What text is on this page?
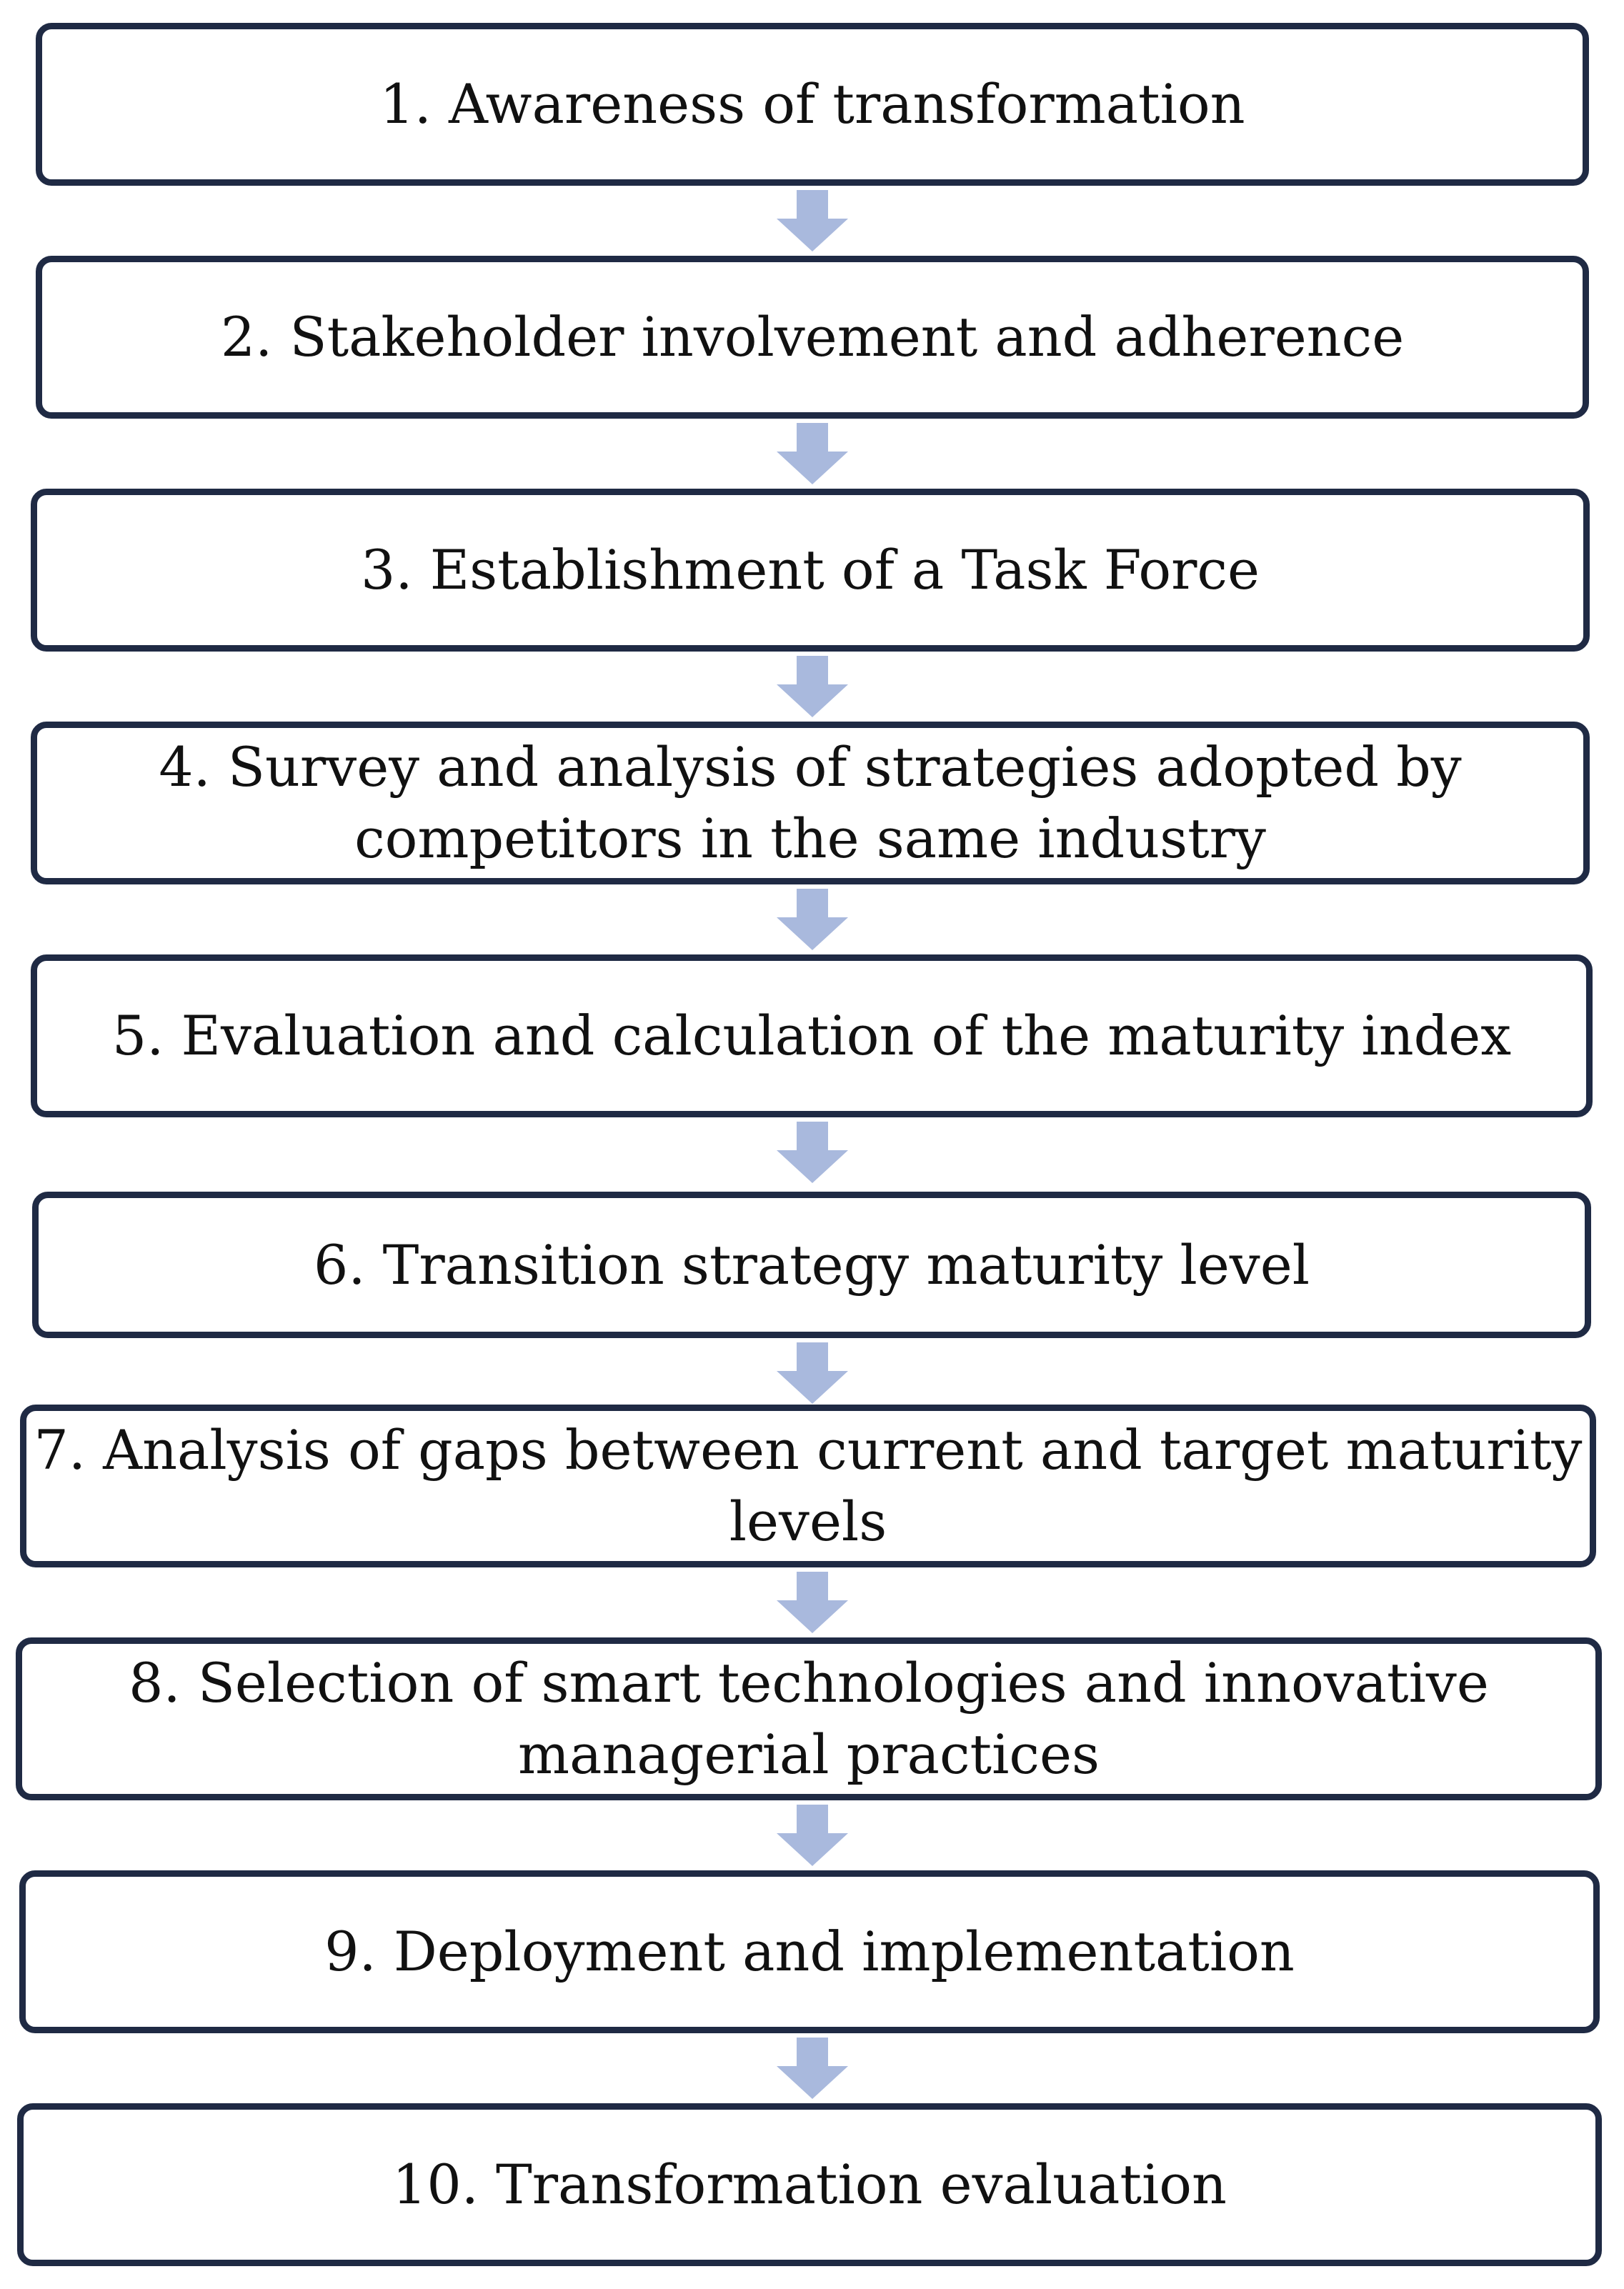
1. Awareness of transformation
2. Stakeholder involvement and adherence
3. Establishment of a Task Force
4. Survey and analysis of strategies adopted by
competitors in the same industry
5. Evaluation and calculation of the maturity index
6. Transition strategy maturity level
7. Analysis of gaps between current and target maturity
levels
8. Selection of smart technologies and innovative
managerial practices
9. Deployment and implementation
10. Transformation evaluation
